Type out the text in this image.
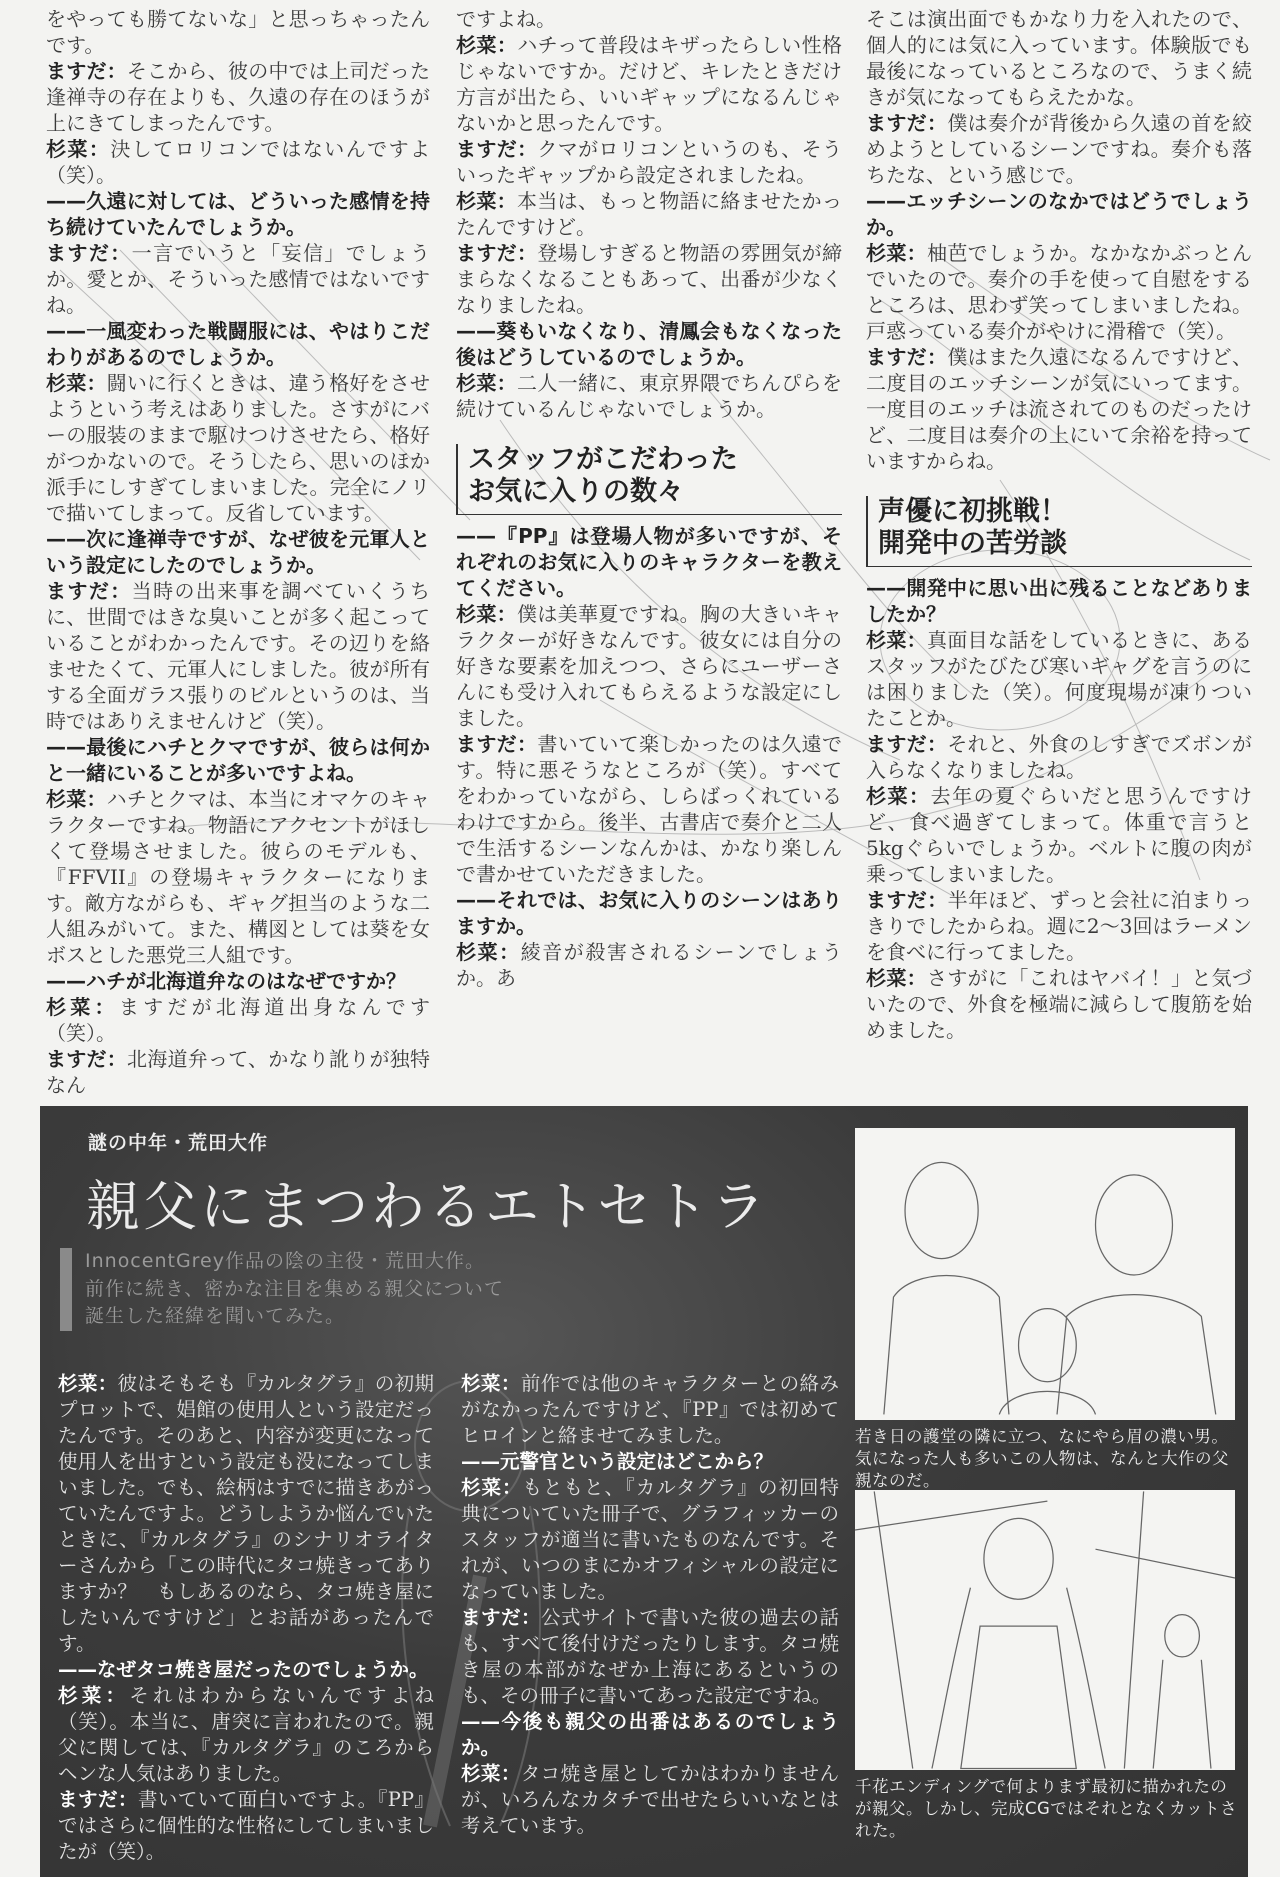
をやっても勝てないな」と思っちゃったんです。

ますだ：そこから、彼の中では上司だった逢禅寺の存在よりも、久遠の存在のほうが上にきてしまったんです。

杉菜：決してロリコンではないんですよ（笑）。

——久遠に対しては、どういった感情を持ち続けていたんでしょうか。

ますだ：一言でいうと「妄信」でしょうか。愛とか、そういった感情ではないですね。

——一風変わった戦闘服には、やはりこだわりがあるのでしょうか。

杉菜：闘いに行くときは、違う格好をさせようという考えはありました。さすがにバーの服装のままで駆けつけさせたら、格好がつかないので。そうしたら、思いのほか派手にしすぎてしまいました。完全にノリで描いてしまって。反省しています。

——次に逢禅寺ですが、なぜ彼を元軍人という設定にしたのでしょうか。

ますだ：当時の出来事を調べていくうちに、世間ではきな臭いことが多く起こっていることがわかったんです。その辺りを絡ませたくて、元軍人にしました。彼が所有する全面ガラス張りのビルというのは、当時ではありえませんけど（笑）。

——最後にハチとクマですが、彼らは何かと一緒にいることが多いですよね。

杉菜：ハチとクマは、本当にオマケのキャラクターですね。物語にアクセントがほしくて登場させました。彼らのモデルも、『FFVII』の登場キャラクターになります。敵方ながらも、ギャグ担当のような二人組みがいて。また、構図としては葵を女ボスとした悪党三人組です。

——ハチが北海道弁なのはなぜですか？

杉菜：ますだが北海道出身なんです（笑）。

ますだ：北海道弁って、かなり訛りが独特なん

ですよね。

杉菜：ハチって普段はキザったらしい性格じゃないですか。だけど、キレたときだけ方言が出たら、いいギャップになるんじゃないかと思ったんです。

ますだ：クマがロリコンというのも、そういったギャップから設定されましたね。

杉菜：本当は、もっと物語に絡ませたかったんですけど。

ますだ：登場しすぎると物語の雰囲気が締まらなくなることもあって、出番が少なくなりましたね。

——葵もいなくなり、清鳳会もなくなった後はどうしているのでしょうか。

杉菜：二人一緒に、東京界隈でちんぴらを続けているんじゃないでしょうか。

スタッフがこだわった
お気に入りの数々

——『PP』は登場人物が多いですが、それぞれのお気に入りのキャラクターを教えてください。

杉菜：僕は美華夏ですね。胸の大きいキャラクターが好きなんです。彼女には自分の好きな要素を加えつつ、さらにユーザーさんにも受け入れてもらえるような設定にしました。

ますだ：書いていて楽しかったのは久遠です。特に悪そうなところが（笑）。すべてをわかっていながら、しらばっくれているわけですから。後半、古書店で奏介と二人で生活するシーンなんかは、かなり楽しんで書かせていただきました。

——それでは、お気に入りのシーンはありますか。

杉菜：綾音が殺害されるシーンでしょうか。あ

そこは演出面でもかなり力を入れたので、個人的には気に入っています。体験版でも最後になっているところなので、うまく続きが気になってもらえたかな。

ますだ：僕は奏介が背後から久遠の首を絞めようとしているシーンですね。奏介も落ちたな、という感じで。

——エッチシーンのなかではどうでしょうか。

杉菜：柚芭でしょうか。なかなかぶっとんでいたので。奏介の手を使って自慰をするところは、思わず笑ってしまいましたね。戸惑っている奏介がやけに滑稽で（笑）。

ますだ：僕はまた久遠になるんですけど、二度目のエッチシーンが気にいってます。一度目のエッチは流されてのものだったけど、二度目は奏介の上にいて余裕を持っていますからね。

声優に初挑戦！
開発中の苦労談

——開発中に思い出に残ることなどありましたか？

杉菜：真面目な話をしているときに、あるスタッフがたびたび寒いギャグを言うのには困りました（笑）。何度現場が凍りついたことか。

ますだ：それと、外食のしすぎでズボンが入らなくなりましたね。

杉菜：去年の夏ぐらいだと思うんですけど、食べ過ぎてしまって。体重で言うと5kgぐらいでしょうか。ベルトに腹の肉が乗ってしまいました。

ますだ：半年ほど、ずっと会社に泊まりっきりでしたからね。週に2〜3回はラーメンを食べに行ってました。

杉菜：さすがに「これはヤバイ！」と気づいたので、外食を極端に減らして腹筋を始めました。

謎の中年・荒田大作
親父にまつわるエトセトラ
InnocentGrey作品の陰の主役・荒田大作。
前作に続き、密かな注目を集める親父について
誕生した経緯を聞いてみた。

杉菜：彼はそもそも『カルタグラ』の初期プロットで、娼館の使用人という設定だったんです。そのあと、内容が変更になって使用人を出すという設定も没になってしまいました。でも、絵柄はすでに描きあがっていたんですよ。どうしようか悩んでいたときに、『カルタグラ』のシナリオライターさんから「この時代にタコ焼きってありますか？　もしあるのなら、タコ焼き屋にしたいんですけど」とお話があったんです。

——なぜタコ焼き屋だったのでしょうか。

杉菜：それはわからないんですよね（笑）。本当に、唐突に言われたので。親父に関しては、『カルタグラ』のころからヘンな人気はありました。

ますだ：書いていて面白いですよ。『PP』ではさらに個性的な性格にしてしまいましたが（笑）。

杉菜：前作では他のキャラクターとの絡みがなかったんですけど、『PP』では初めてヒロインと絡ませてみました。

——元警官という設定はどこから？

杉菜：もともと、『カルタグラ』の初回特典についていた冊子で、グラフィッカーのスタッフが適当に書いたものなんです。それが、いつのまにかオフィシャルの設定になっていました。

ますだ：公式サイトで書いた彼の過去の話も、すべて後付けだったりします。タコ焼き屋の本部がなぜか上海にあるというのも、その冊子に書いてあった設定ですね。

——今後も親父の出番はあるのでしょうか。

杉菜：タコ焼き屋としてかはわかりませんが、いろんなカタチで出せたらいいなとは考えています。

若き日の護堂の隣に立つ、なにやら眉の濃い男。気になった人も多いこの人物は、なんと大作の父親なのだ。
千花エンディングで何よりまず最初に描かれたのが親父。しかし、完成CGではそれとなくカットされた。
